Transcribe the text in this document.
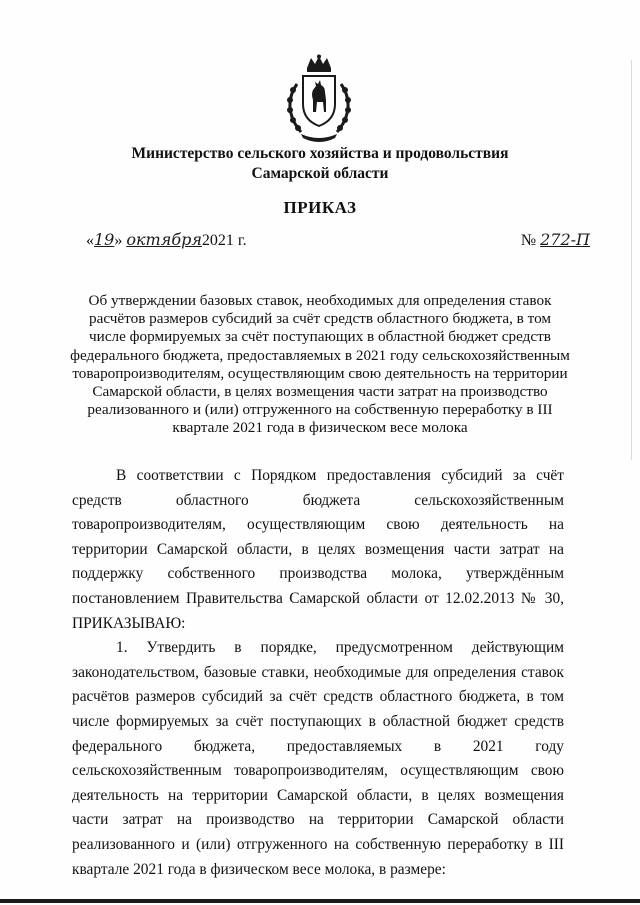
Министерство сельского хозяйства и продовольствия
Самарской области
ПРИКАЗ
«19» октября2021 г.	№ 272-П
Об утверждении базовых ставок, необходимых для определения ставок расчётов размеров субсидий за счёт средств областного бюджета, в том числе формируемых за счёт поступающих в областной бюджет средств федерального бюджета, предоставляемых в 2021 году сельскохозяйственным товаропроизводителям, осуществляющим свою деятельность на территории Самарской области, в целях возмещения части затрат на производство реализованного и (или) отгруженного на собственную переработку в III квартале 2021 года в физическом весе молока

В соответствии с Порядком предоставления субсидий за счёт средств областного бюджета сельскохозяйственным товаропроизводителям, осуществляющим свою деятельность на территории Самарской области, в целях возмещения части затрат на поддержку собственного производства молока, утверждённым постановлением Правительства Самарской области от 12.02.2013 № 30, ПРИКАЗЫВАЮ:

1. Утвердить в порядке, предусмотренном действующим законодательством, базовые ставки, необходимые для определения ставок расчётов размеров субсидий за счёт средств областного бюджета, в том числе формируемых за счёт поступающих в областной бюджет средств федерального бюджета, предоставляемых в 2021 году сельскохозяйственным товаропроизводителям, осуществляющим свою деятельность на территории Самарской области, в целях возмещения части затрат на производство на территории Самарской области реализованного и (или) отгруженного на собственную переработку в III квартале 2021 года в физическом весе молока, в размере:
